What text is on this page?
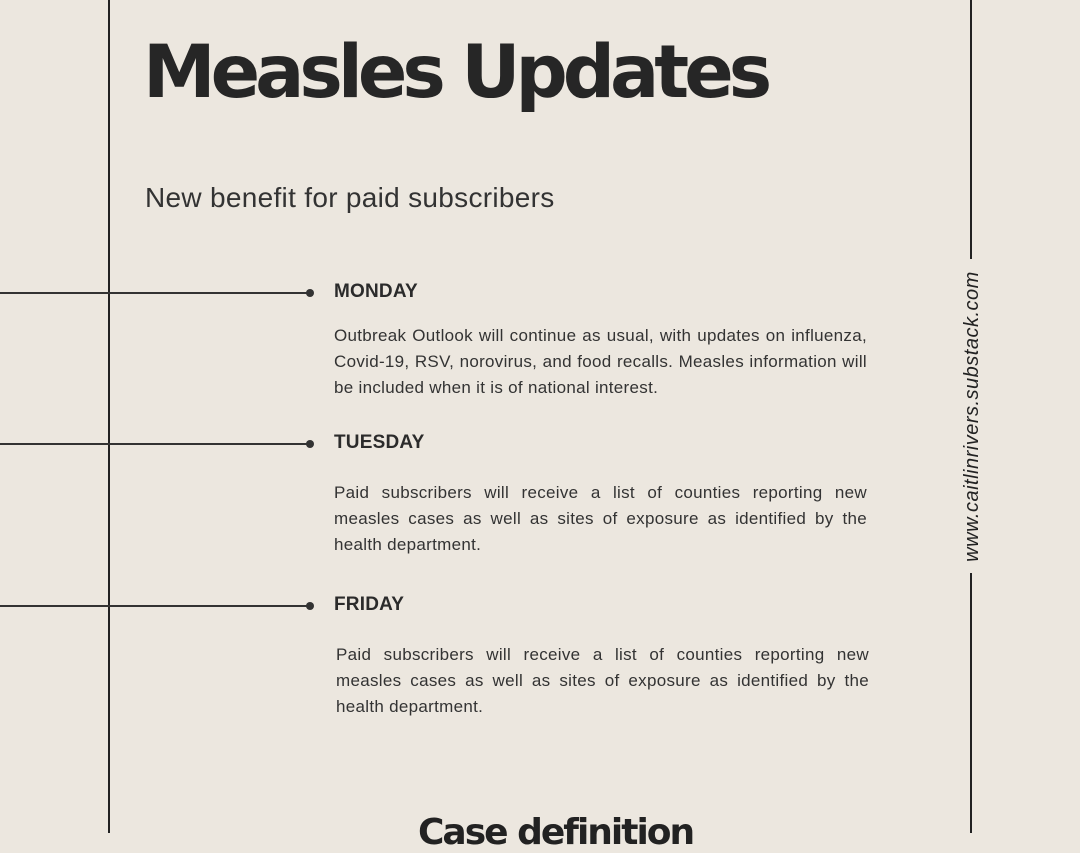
Measles Updates
New benefit for paid subscribers
MONDAY
Outbreak Outlook will continue as usual, with updates on influenza, Covid-19, RSV, norovirus, and food recalls. Measles information will be included when it is of national interest.
TUESDAY
Paid subscribers will receive a list of counties reporting new measles cases as well as sites of exposure as identified by the health department.
FRIDAY
Paid subscribers will receive a list of counties reporting new measles cases as well as sites of exposure as identified by the health department.
www.caitlinrivers.substack.com
Case definition
